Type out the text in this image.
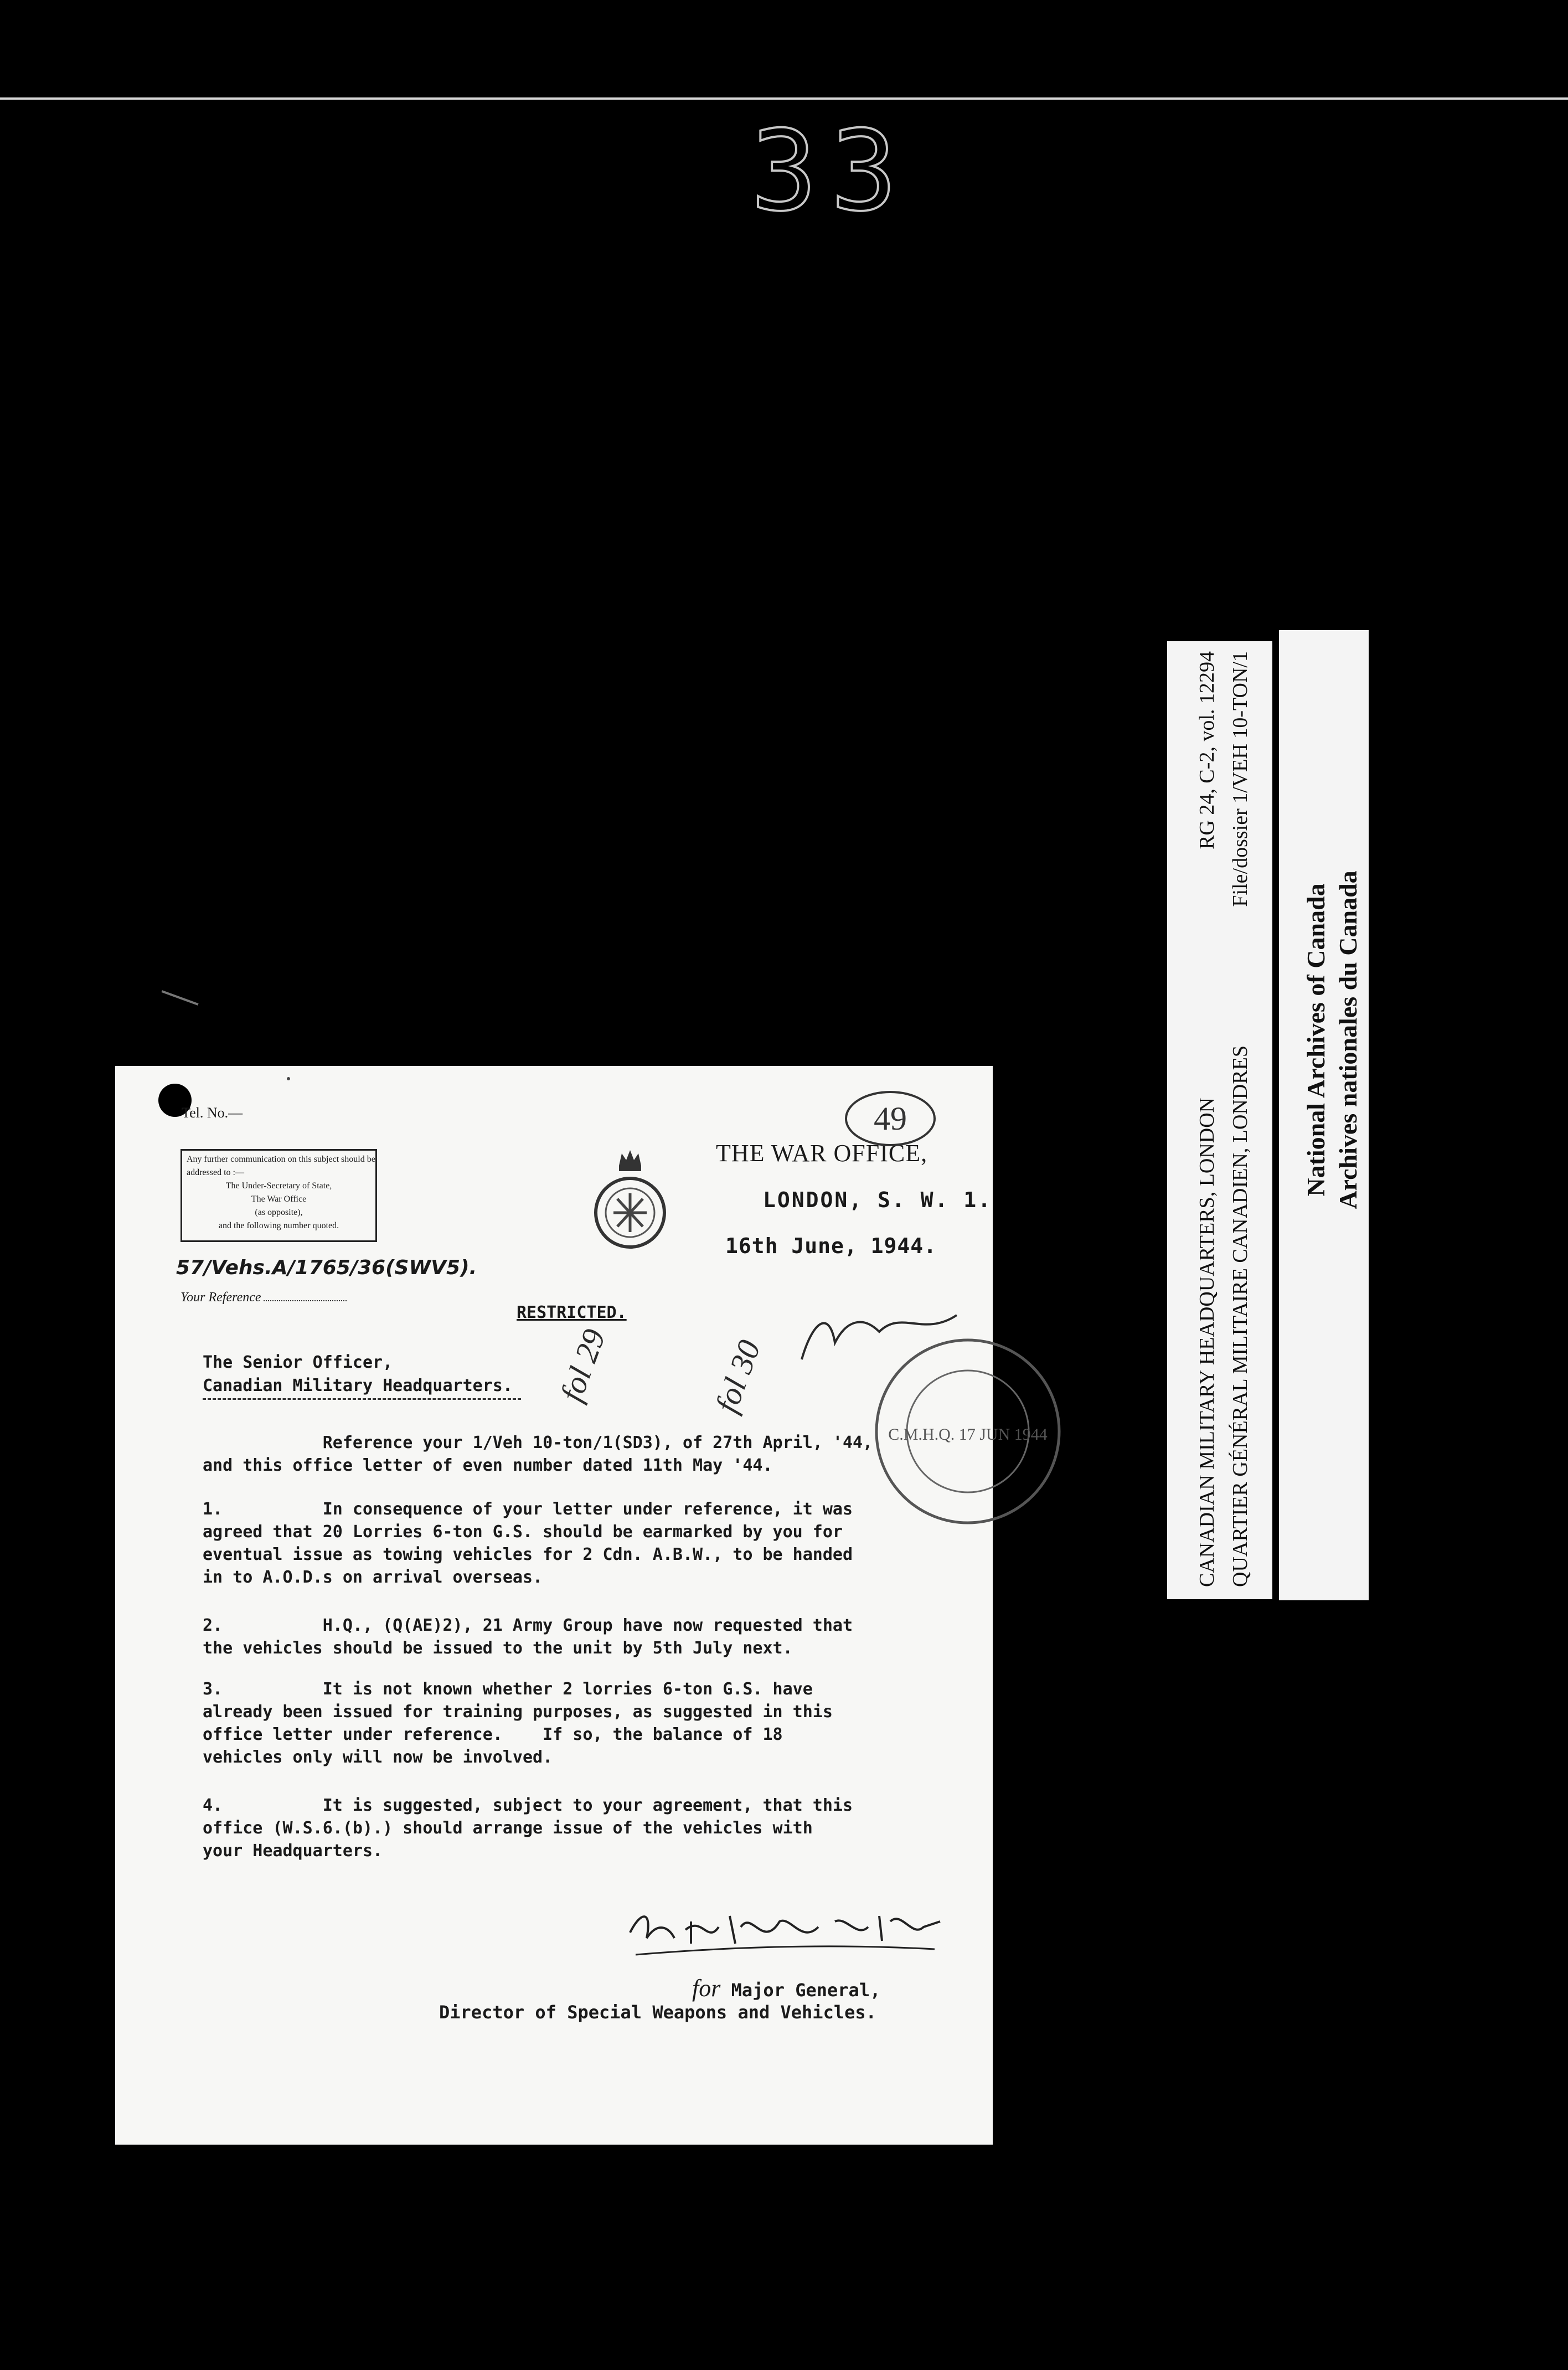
33
CANADIAN MILITARY HEADQUARTERS, LONDON
RG 24, C-2, vol. 12294
QUARTIER GÉNÉRAL MILITAIRE CANADIEN, LONDRES
File/dossier 1/VEH 10-TON/1
National Archives of Canada Archives nationales du Canada
Tel. No.—
Any further communication on this subject should be addressed to :—
The Under-Secretary of State,
The War Office
(as opposite),
and the following number quoted.
THE WAR OFFICE,
LONDON, S. W. 1.
16th June, 1944.
57/Vehs.A/1765/36(SWV5).
Your Reference
RESTRICTED.
The Senior Officer,
Canadian Military Headquarters.
Reference your 1/Veh 10-ton/1(SD3), of 27th April, '44,
and this office letter of even number dated 11th May '44.
1.          In consequence of your letter under reference, it was
agreed that 20 Lorries 6-ton G.S. should be earmarked by you for
eventual issue as towing vehicles for 2 Cdn. A.B.W., to be handed
in to A.O.D.s on arrival overseas.
2.          H.Q., (Q(AE)2), 21 Army Group have now requested that
the vehicles should be issued to the unit by 5th July next.
3.          It is not known whether 2 lorries 6-ton G.S. have
already been issued for training purposes, as suggested in this
office letter under reference.    If so, the balance of 18
vehicles only will now be involved.
4.          It is suggested, subject to your agreement, that this
office (W.S.6.(b).) should arrange issue of the vehicles with
your Headquarters.
for Major General,
Director of Special Weapons and Vehicles.
49
fol 29	fol 30
C.M.H.Q. 17 JUN 1944
